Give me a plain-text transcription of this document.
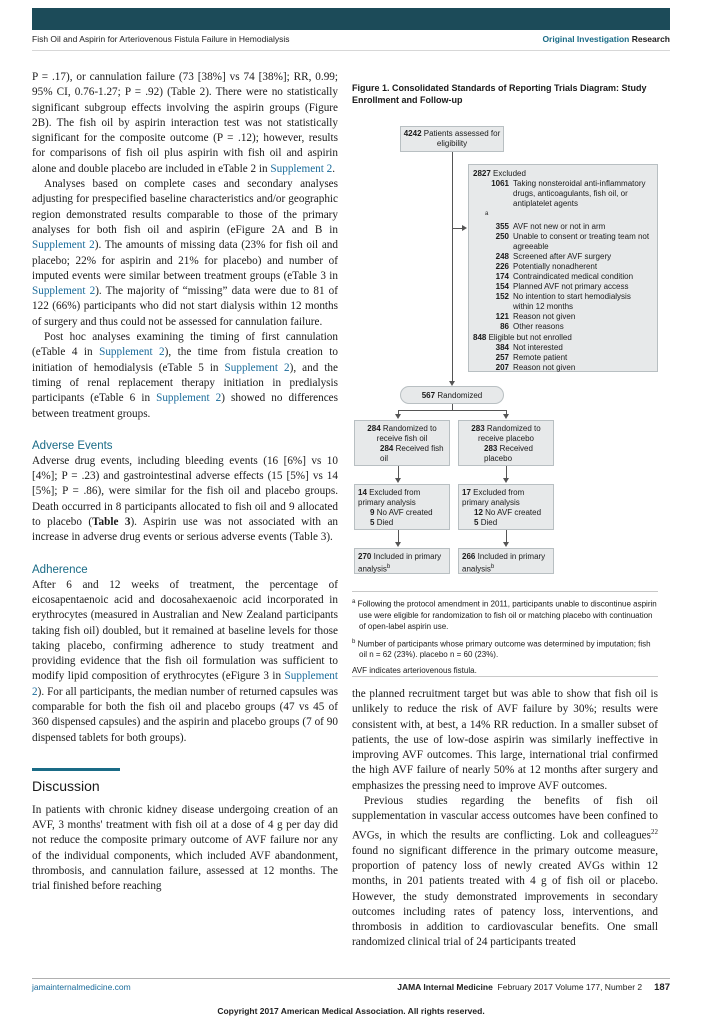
Fish Oil and Aspirin for Arteriovenous Fistula Failure in Hemodialysis	Original Investigation Research

P = .17), or cannulation failure (73 [38%] vs 74 [38%]; RR, 0.99; 95% CI, 0.76-1.27; P = .92) (Table 2). There were no statistically significant subgroup effects involving the aspirin groups (Figure 2B). The fish oil by aspirin interaction test was not statistically significant for the composite outcome (P = .12); however, results for comparisons of fish oil plus aspirin with fish oil and aspirin alone and double placebo are included in eTable 2 in Supplement 2.

Analyses based on complete cases and secondary analyses adjusting for prespecified baseline characteristics and/or geographic region demonstrated results comparable to those of the primary analyses for both fish oil and aspirin (eFigure 2A and B in Supplement 2). The amounts of missing data (23% for fish oil and placebo; 22% for aspirin and 21% for placebo) and number of imputed events were similar between treatment groups (eTable 3 in Supplement 2). The majority of “missing” data were due to 81 of 122 (66%) participants who did not start dialysis within 12 months of surgery and thus could not be assessed for cannulation failure.

Post hoc analyses examining the timing of first cannulation (eTable 4 in Supplement 2), the time from fistula creation to initiation of hemodialysis (eTable 5 in Supplement 2), and the timing of renal replacement therapy initiation in predialysis participants (eTable 6 in Supplement 2) showed no differences between treatment groups.

Adverse Events

Adverse drug events, including bleeding events (16 [6%] vs 10 [4%]; P = .23) and gastrointestinal adverse effects (15 [5%] vs 14 [5%]; P = .86), were similar for the fish oil and placebo groups. Death occurred in 8 participants allocated to fish oil and 9 allocated to placebo (Table 3). Aspirin use was not associated with an increase in adverse drug events or serious adverse events (Table 3).

Adherence

After 6 and 12 weeks of treatment, the percentage of eicosapentaenoic acid and docosahexaenoic acid incorporated in erythrocytes (measured in Australian and New Zealand participants taking fish oil) doubled, but it remained at baseline levels for those taking placebo, confirming adherence to study treatment and providing evidence that the fish oil formulation was sufficient to modify lipid composition of erythrocytes (eFigure 3 in Supplement 2). For all participants, the median number of returned capsules was comparable for both the fish oil and placebo groups (47 vs 45 of 360 dispensed capsules) and the aspirin and placebo groups (7 of 90 dispensed tablets for both groups).

Discussion

In patients with chronic kidney disease undergoing creation of an AVF, 3 months' treatment with fish oil at a dose of 4 g per day did not reduce the composite primary outcome of AVF failure nor any of the individual components, which included AVF abandonment, thrombosis, and cannulation failure, assessed at 12 months. The trial finished before reaching

Figure 1. Consolidated Standards of Reporting Trials Diagram: Study Enrollment and Follow-up
4242 Patients assessed for eligibility
2827 Excluded
1061 Taking nonsteroidal anti-inflammatory drugs, anticoagulants, fish oil, or antiplatelet agents$^a$
355 AVF not new or not in arm
250 Unable to consent or treating team not agreeable
248 Screened after AVF surgery
226 Potentially nonadherent
174 Contraindicated medical condition
154 Planned AVF not primary access
152 No intention to start hemodialysis within 12 months
121 Reason not given
86 Other reasons
848 Eligible but not enrolled
384 Not interested
257 Remote patient
207 Reason not given
567 Randomized
284 Randomized to receive fish oil
284 Received fish oil
283 Randomized to receive placebo
283 Received placebo
14 Excluded from primary analysis
9 No AVF created
5 Died
17 Excluded from primary analysis
12 No AVF created
5 Died
270 Included in primary analysis$^b$
266 Included in primary analysis$^b$

$^a$ Following the protocol amendment in 2011, participants unable to discontinue aspirin use were eligible for randomization to fish oil or matching placebo with continuation of open-label aspirin use.

$^b$ Number of participants whose primary outcome was determined by imputation; fish oil n = 62 (23%). placebo n = 60 (23%).

AVF indicates arteriovenous fistula.

the planned recruitment target but was able to show that fish oil is unlikely to reduce the risk of AVF failure by 30%; results were consistent with, at best, a 14% RR reduction. In a smaller subset of patients, the use of low-dose aspirin was similarly ineffective in improving AVF outcomes. This large, international trial confirmed the high AVF failure of nearly 50% at 12 months after surgery and emphasizes the pressing need to improve AVF outcomes.

Previous studies regarding the benefits of fish oil supplementation in vascular access outcomes have been confined to AVGs, in which the results are conflicting. Lok and colleagues$^{22}$ found no significant difference in the primary outcome measure, proportion of patency loss of newly created AVGs within 12 months, in 201 patients treated with 4 g of fish oil or placebo. However, the study demonstrated improvements in secondary outcomes including rates of patency loss, interventions, and thrombosis in addition to cardiovascular benefits. One small randomized clinical trial of 24 participants treated

jamainternalmedicine.com	JAMA Internal Medicine February 2017 Volume 177, Number 2 187
Copyright 2017 American Medical Association. All rights reserved.
